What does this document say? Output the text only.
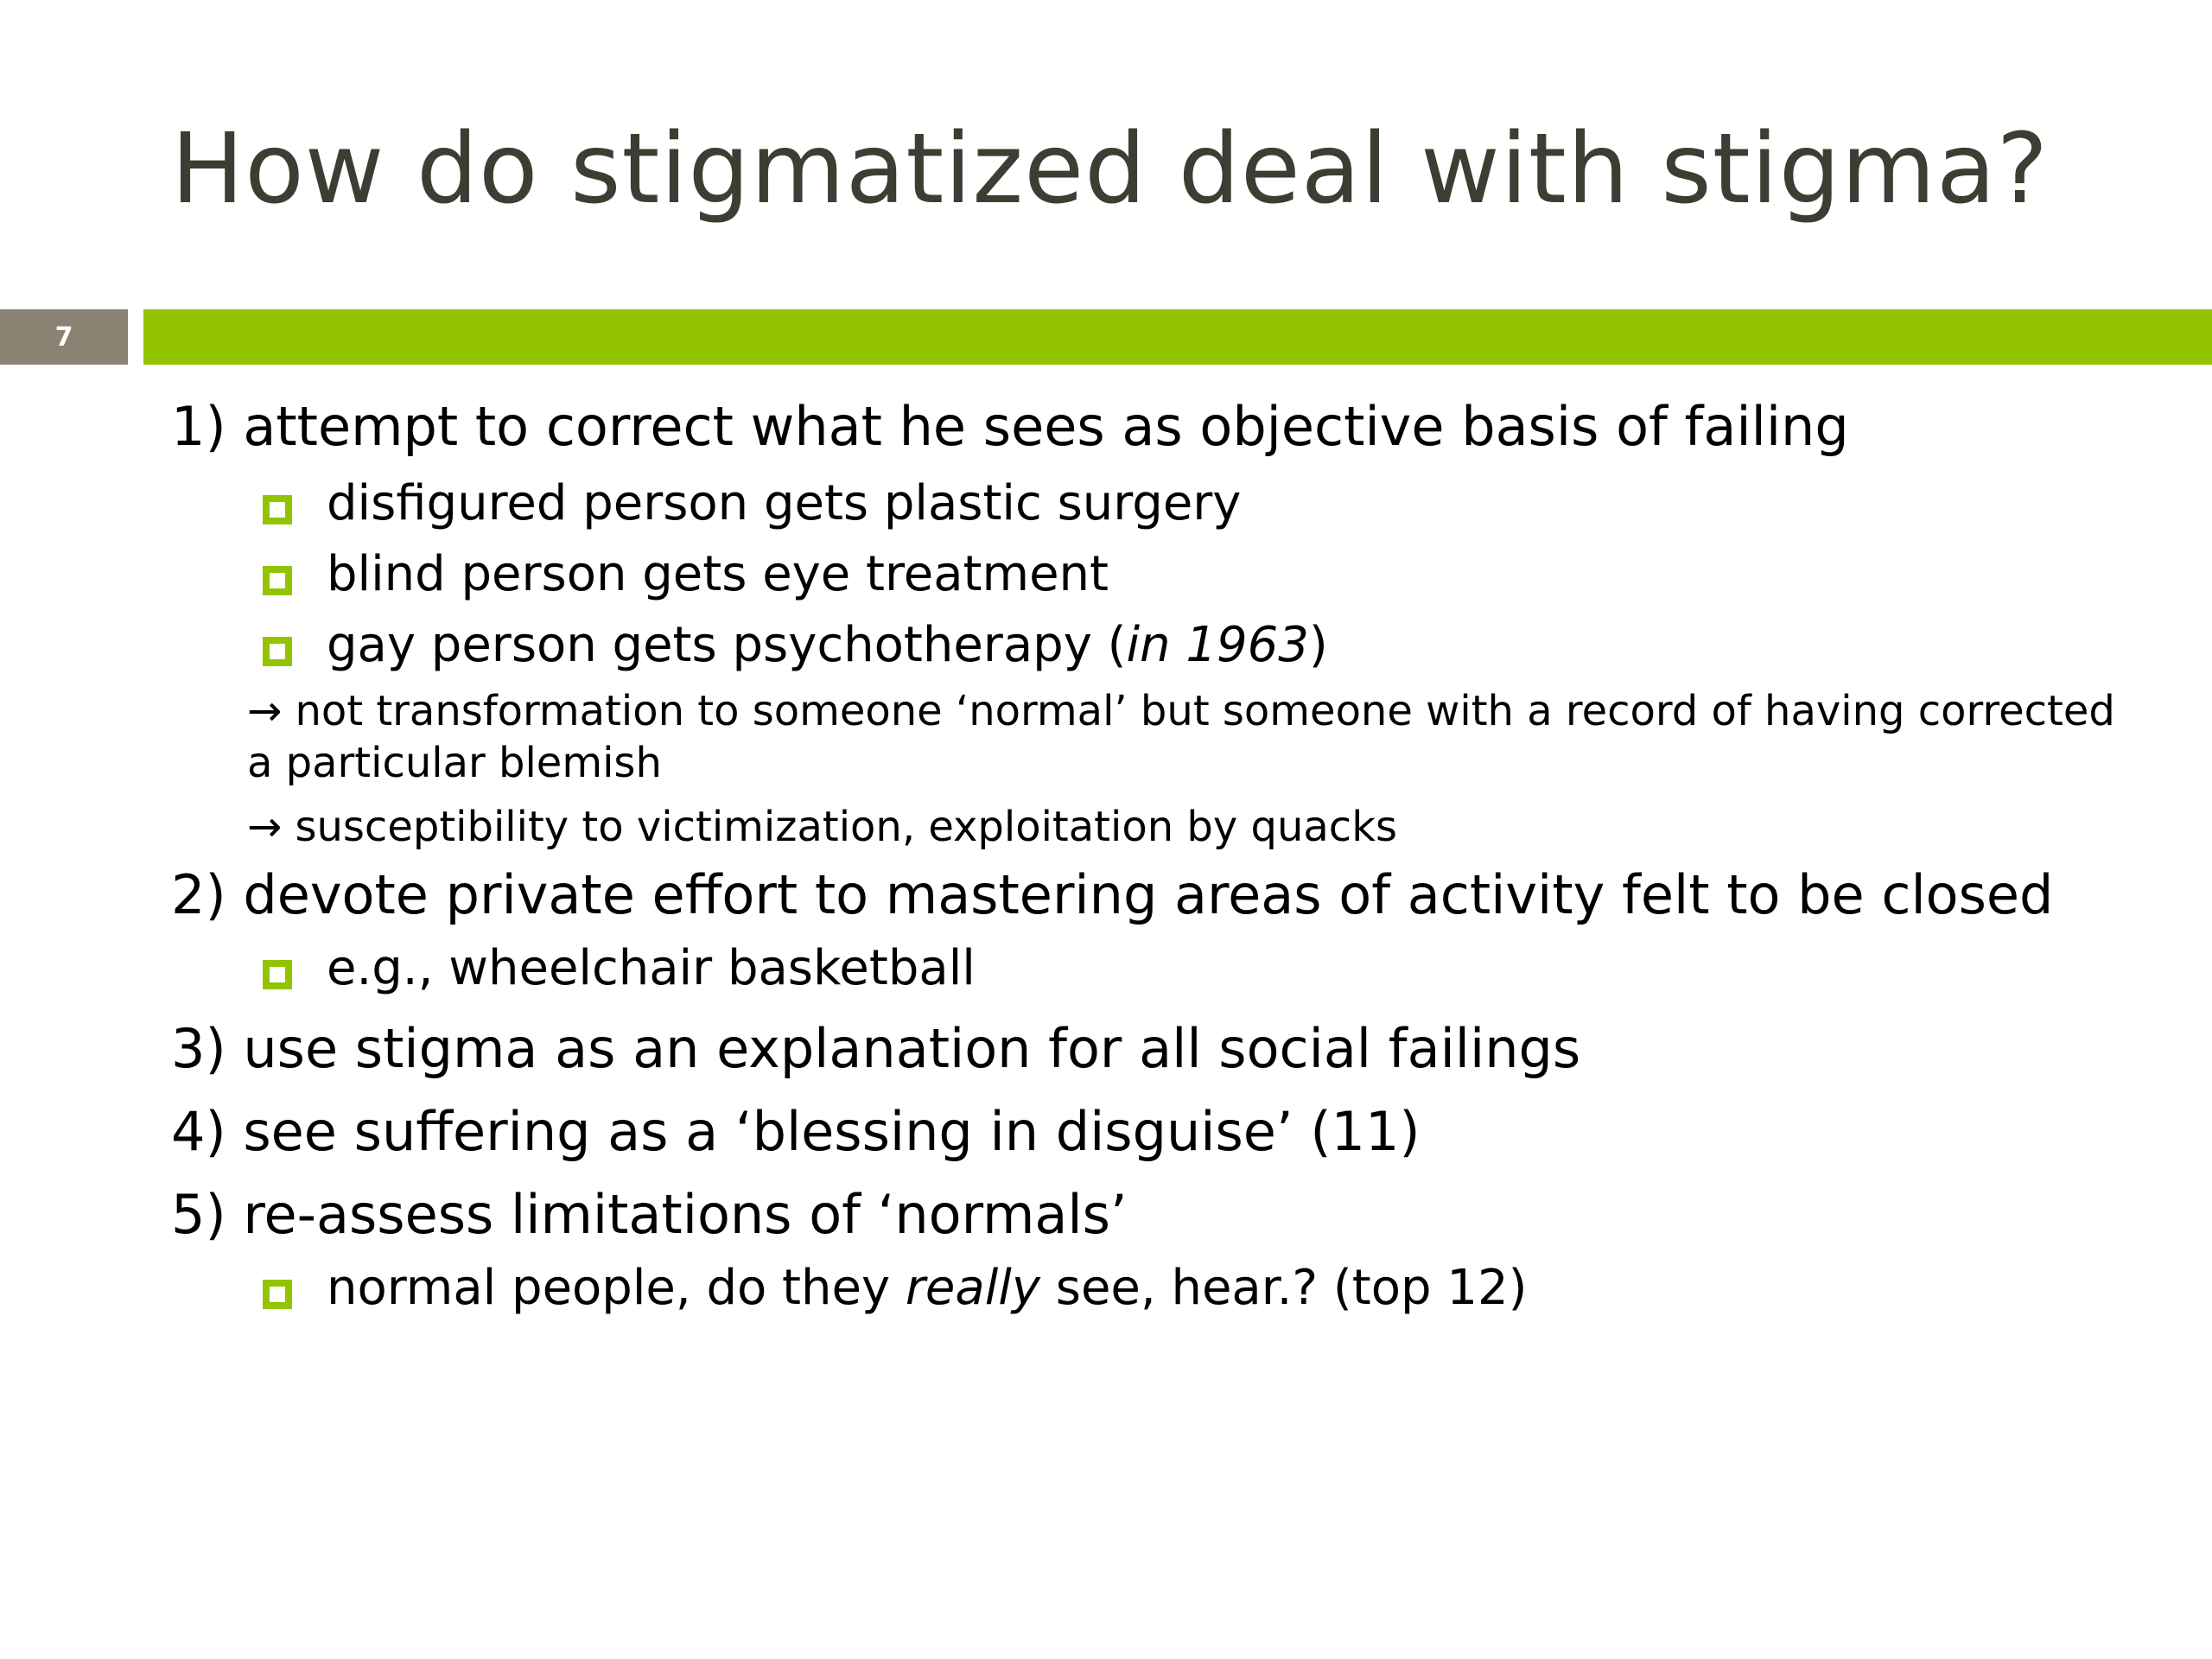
How do stigmatized deal with stigma?
7

1) attempt to correct what he sees as objective basis of failing

disfigured person gets plastic surgery

blind person gets eye treatment

gay person gets psychotherapy (in 1963)

→ not transformation to someone ‘normal’ but someone with a record of having corrected a particular blemish

→ susceptibility to victimization, exploitation by quacks

2) devote private effort to mastering areas of activity felt to be closed

e.g., wheelchair basketball

3) use stigma as an explanation for all social failings

4) see suffering as a ‘blessing in disguise’ (11)

5) re-assess limitations of ‘normals’

normal people, do they really see, hear.? (top 12)
